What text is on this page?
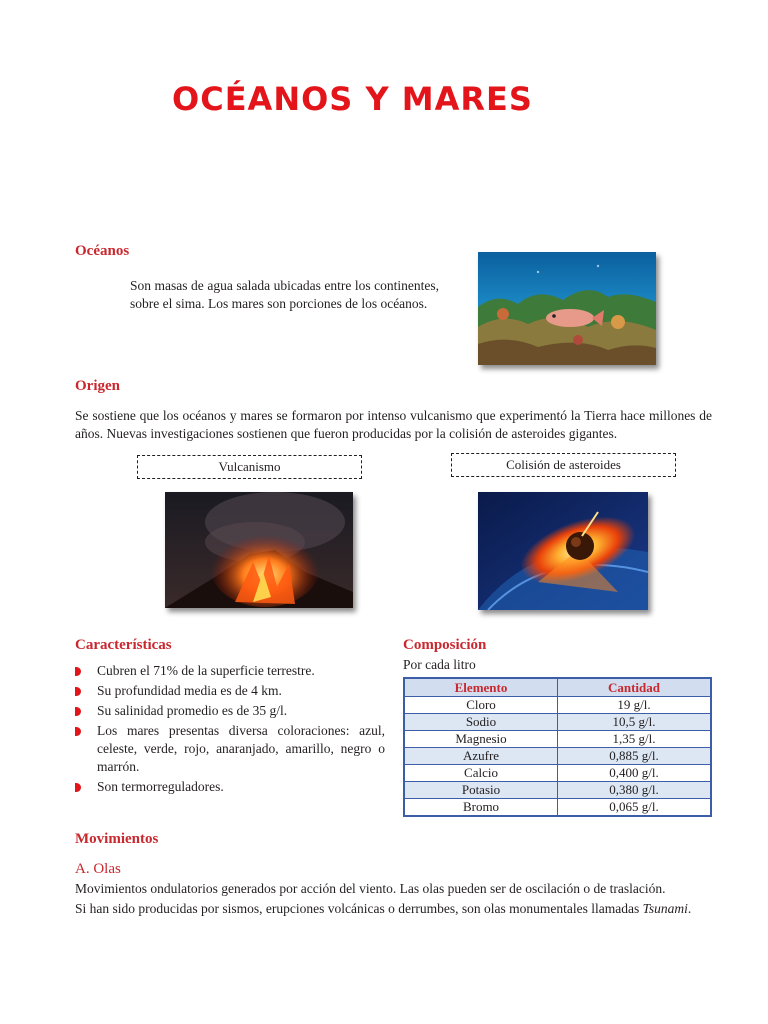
OCÉANOS Y MARES
Océanos
Son masas de agua salada ubicadas entre los continentes, sobre el sima. Los mares son porciones de los océanos.
Origen
Se sostiene que los océanos y mares se formaron por intenso vulcanismo que experimentó la Tierra hace millones de años. Nuevas investigaciones sostienen que fueron producidas por la colisión de asteroides gigantes.
Vulcanismo	Colisión de asteroides
Características
Cubren el 71% de la superficie terrestre.
Su profundidad media es de 4 km.
Su salinidad promedio es de 35 g/l.
Los mares presentas diversa coloraciones: azul, celeste, verde, rojo, anaranjado, amarillo, negro o marrón.
Son termorreguladores.
Composición
Por cada litro
Elemento	Cantidad
Cloro	19 g/l.
Sodio	10,5 g/l.
Magnesio	1,35 g/l.
Azufre	0,885 g/l.
Calcio	0,400 g/l.
Potasio	0,380 g/l.
Bromo	0,065 g/l.
Movimientos
A. Olas
Movimientos ondulatorios generados por acción del viento. Las olas pueden ser de oscilación o de traslación.
Si han sido producidas por sismos, erupciones volcánicas o derrumbes, son olas monumentales llamadas Tsunami.
